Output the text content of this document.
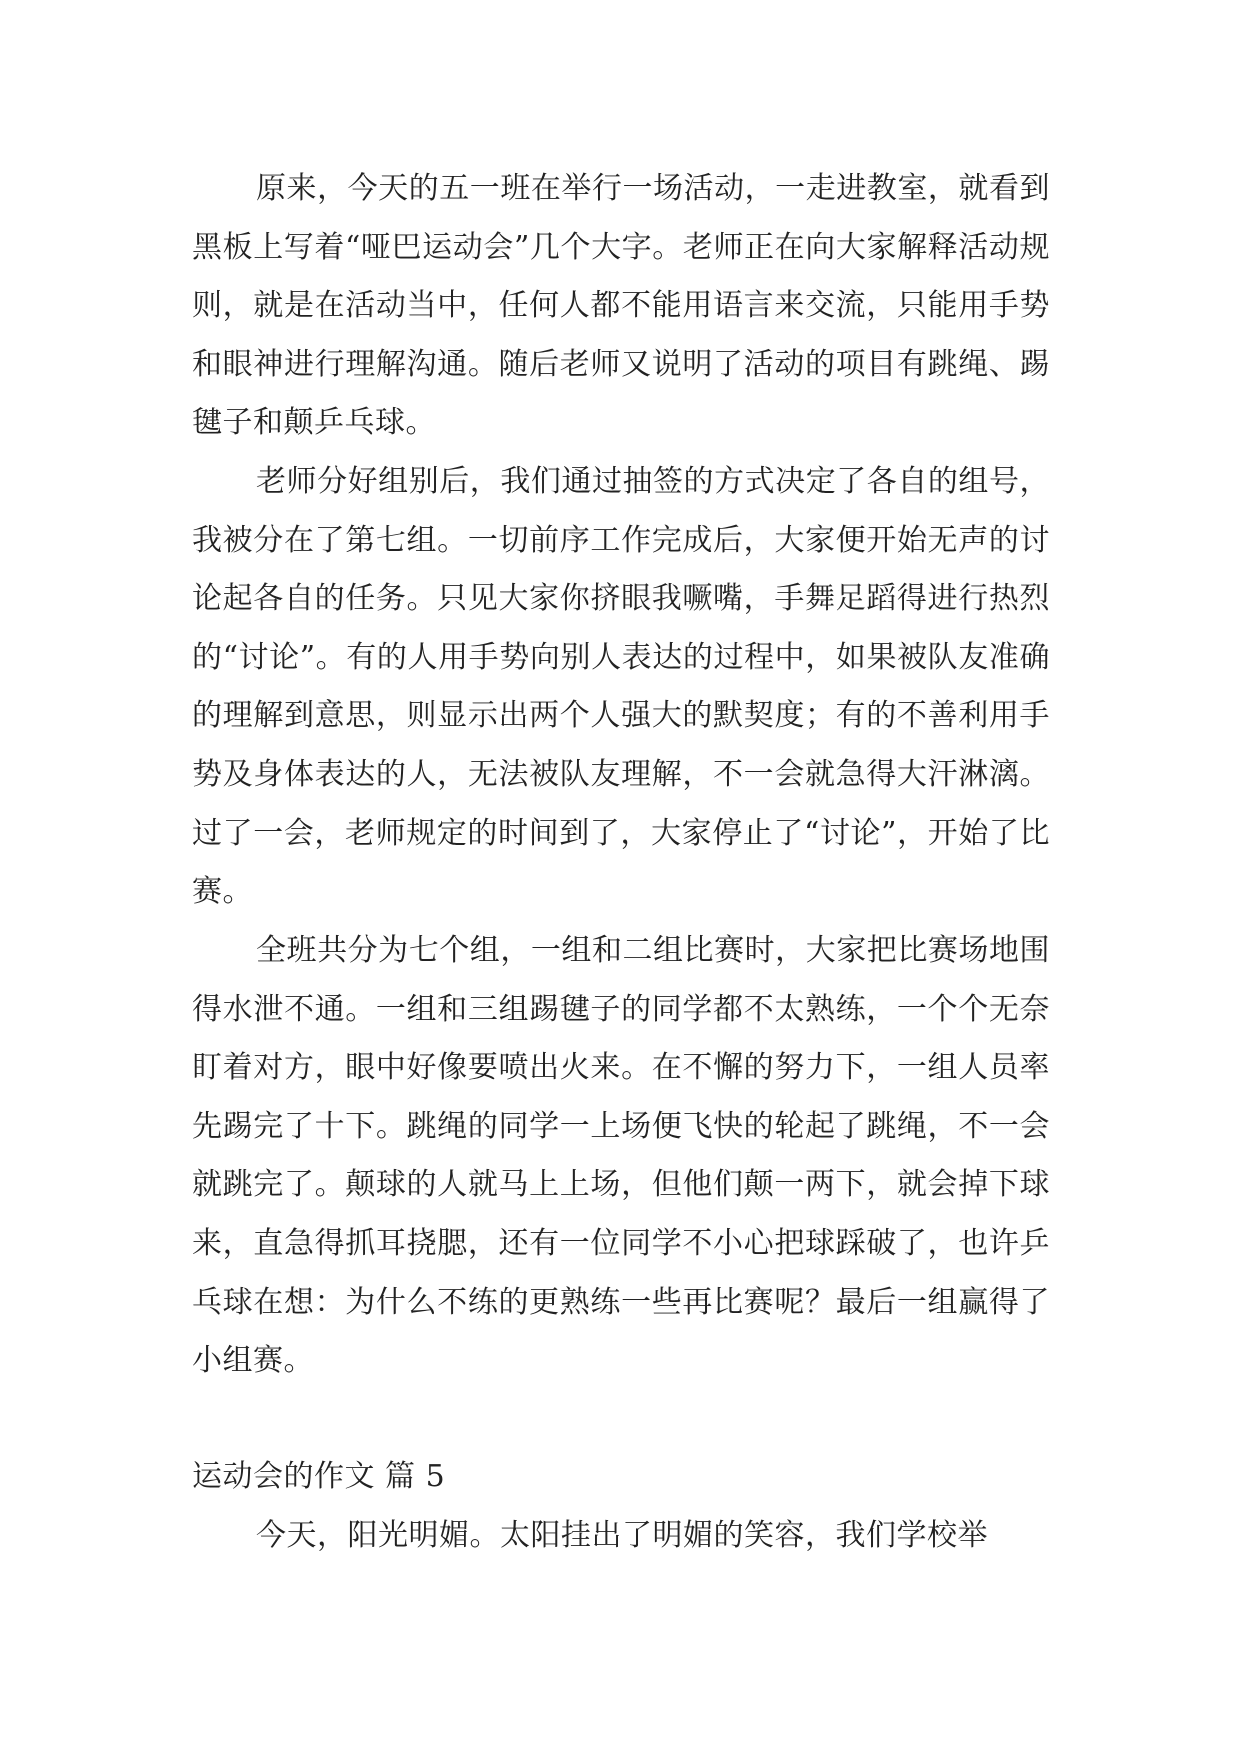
原来，今天的五一班在举行一场活动，一走进教室，就看到黑板上写着“哑巴运动会”几个大字。老师正在向大家解释活动规则，就是在活动当中，任何人都不能用语言来交流，只能用手势和眼神进行理解沟通。随后老师又说明了活动的项目有跳绳、踢毽子和颠乒乓球。

老师分好组别后，我们通过抽签的方式决定了各自的组号，我被分在了第七组。一切前序工作完成后，大家便开始无声的讨论起各自的任务。只见大家你挤眼我噘嘴，手舞足蹈得进行热烈的“讨论”。有的人用手势向别人表达的过程中，如果被队友准确的理解到意思，则显示出两个人强大的默契度；有的不善利用手势及身体表达的人，无法被队友理解，不一会就急得大汗淋漓。过了一会，老师规定的时间到了，大家停止了“讨论”，开始了比赛。

全班共分为七个组，一组和二组比赛时，大家把比赛场地围得水泄不通。一组和三组踢毽子的同学都不太熟练，一个个无奈盯着对方，眼中好像要喷出火来。在不懈的努力下，一组人员率先踢完了十下。跳绳的同学一上场便飞快的轮起了跳绳，不一会就跳完了。颠球的人就马上上场，但他们颠一两下，就会掉下球来，直急得抓耳挠腮，还有一位同学不小心把球踩破了，也许乒乓球在想：为什么不练的更熟练一些再比赛呢？最后一组赢得了小组赛。

运动会的作文 篇 5

今天，阳光明媚。太阳挂出了明媚的笑容，我们学校举
